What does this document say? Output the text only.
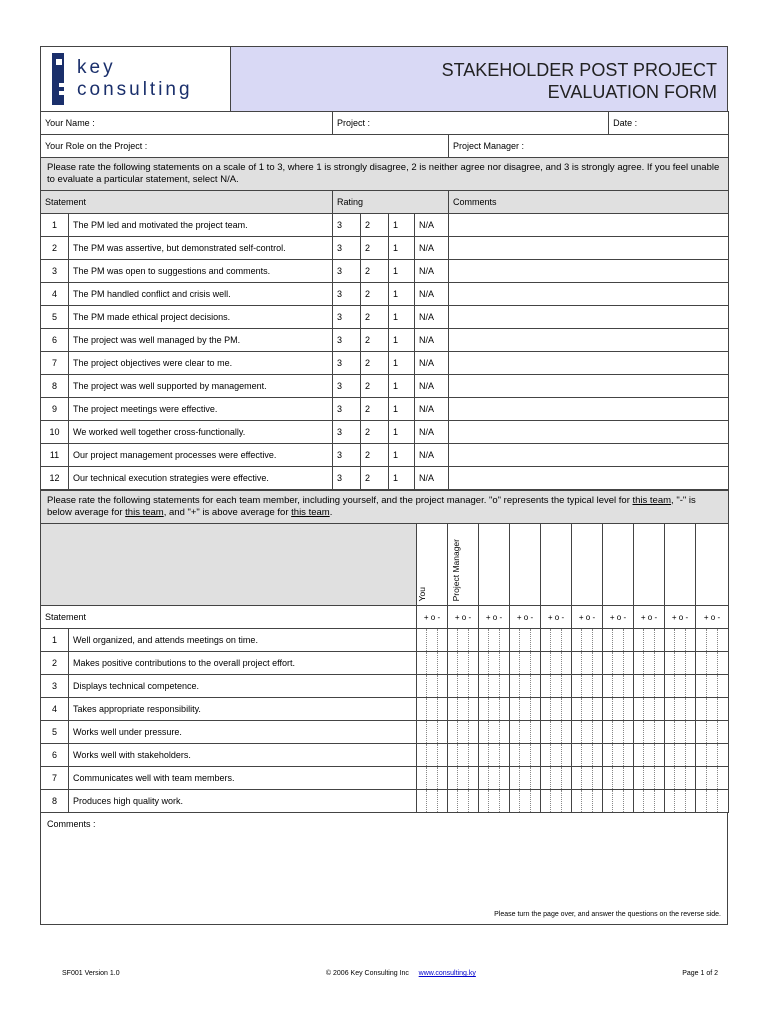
key
consulting
STAKEHOLDER POST PROJECT
EVALUATION FORM
Your Name :		Project :					Date :
Your Role on the Project :						Project Manager :	
Please rate the following statements on a scale of 1 to 3, where 1 is strongly disagree, 2 is neither agree nor disagree, and 3 is strongly agree. If you feel unable to evaluate a particular statement, select N/A.							
Statement		Rating				Comments	
1	The PM led and motivated the project team.	3	2	1	N/A		
2	The PM was assertive, but demonstrated self-control.	3	2	1	N/A		
3	The PM was open to suggestions and comments.	3	2	1	N/A		
4	The PM handled conflict and crisis well.	3	2	1	N/A		
5	The PM made ethical project decisions.	3	2	1	N/A		
6	The project was well managed by the PM.	3	2	1	N/A		
7	The project objectives were clear to me.	3	2	1	N/A		
8	The project was well supported by management.	3	2	1	N/A		
9	The project meetings were effective.	3	2	1	N/A		
10	We worked well together cross-functionally.	3	2	1	N/A		
11	Our project management processes were effective.	3	2	1	N/A		
12	Our technical execution strategies were effective.	3	2	1	N/A		
Please rate the following statements for each team member, including yourself, and the project manager. "o" represents the typical level for this team, "-" is below average for this team, and "+" is above average for this team.											

		You	Project Manager								

Statement		+ o -	+ o -	+ o -	+ o -	+ o -	+ o -	+ o -	+ o -	+ o -	+ o -
1	Well organized, and attends meetings on time.	

2	Makes positive contributions to the overall project effort.	

3	Displays technical competence.	

4	Takes appropriate responsibility.	

5	Works well under pressure.	

6	Works well with stakeholders.	

7	Communicates well with team members.	

8	Produces high quality work.	

Comments :
Please turn the page over, and answer the questions on the reverse side.
SF001 Version 1.0	© 2006 Key Consulting Inc www.consulting.ky	Page 1 of 2
